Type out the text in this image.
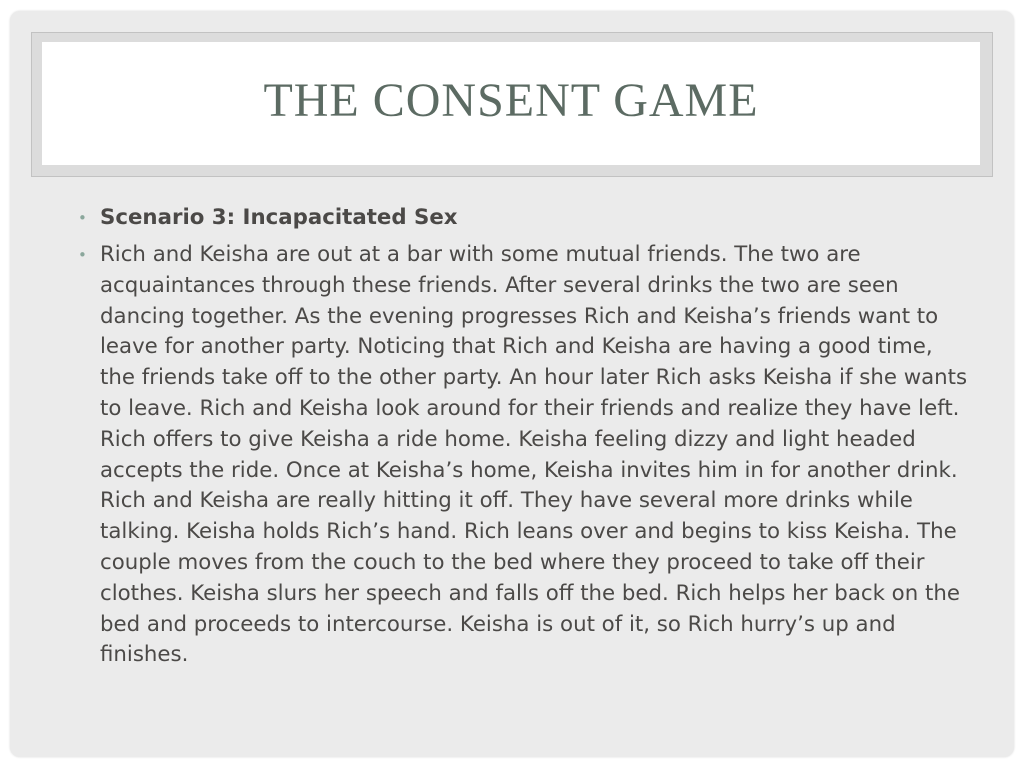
THE CONSENT GAME
• Scenario 3: Incapacitated Sex
• Rich and Keisha are out at a bar with some mutual friends. The two are acquaintances through these friends. After several drinks the two are seen dancing together. As the evening progresses Rich and Keisha’s friends want to leave for another party. Noticing that Rich and Keisha are having a good time, the friends take off to the other party. An hour later Rich asks Keisha if she wants to leave. Rich and Keisha look around for their friends and realize they have left. Rich offers to give Keisha a ride home. Keisha feeling dizzy and light headed accepts the ride. Once at Keisha’s home, Keisha invites him in for another drink. Rich and Keisha are really hitting it off. They have several more drinks while talking. Keisha holds Rich’s hand. Rich leans over and begins to kiss Keisha. The couple moves from the couch to the bed where they proceed to take off their clothes. Keisha slurs her speech and falls off the bed. Rich helps her back on the bed and proceeds to intercourse. Keisha is out of it, so Rich hurry’s up and finishes.
